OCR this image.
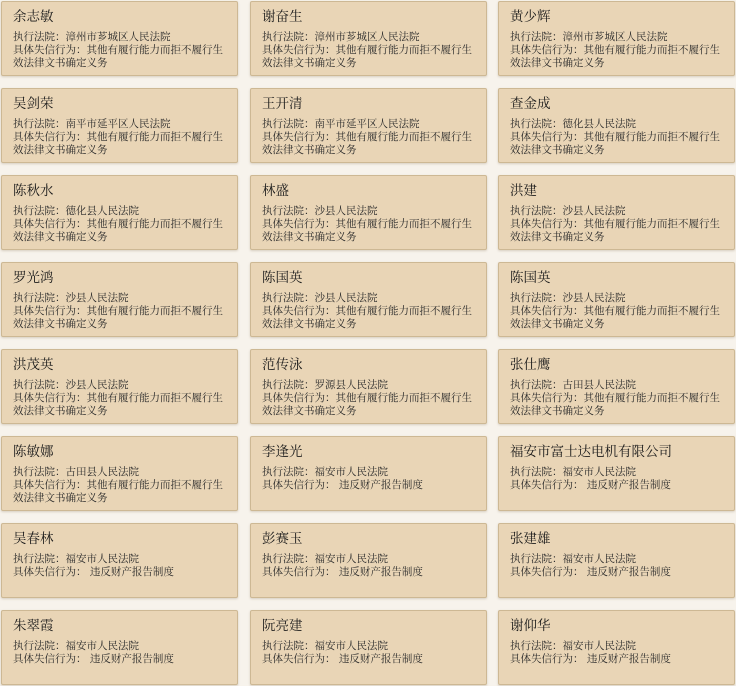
余志敏
执行法院：漳州市芗城区人民法院
具体失信行为：其他有履行能力而拒不履行生效法律文书确定义务
谢奋生
执行法院：漳州市芗城区人民法院
具体失信行为：其他有履行能力而拒不履行生效法律文书确定义务
黄少辉
执行法院：漳州市芗城区人民法院
具体失信行为：其他有履行能力而拒不履行生效法律文书确定义务
吴剑荣
执行法院：南平市延平区人民法院
具体失信行为：其他有履行能力而拒不履行生效法律文书确定义务
王开清
执行法院：南平市延平区人民法院
具体失信行为：其他有履行能力而拒不履行生效法律文书确定义务
查金成
执行法院：德化县人民法院
具体失信行为：其他有履行能力而拒不履行生效法律文书确定义务
陈秋水
执行法院：德化县人民法院
具体失信行为：其他有履行能力而拒不履行生效法律文书确定义务
林盛
执行法院：沙县人民法院
具体失信行为：其他有履行能力而拒不履行生效法律文书确定义务
洪建
执行法院：沙县人民法院
具体失信行为：其他有履行能力而拒不履行生效法律文书确定义务
罗光鸿
执行法院：沙县人民法院
具体失信行为：其他有履行能力而拒不履行生效法律文书确定义务
陈国英
执行法院：沙县人民法院
具体失信行为：其他有履行能力而拒不履行生效法律文书确定义务
陈国英
执行法院：沙县人民法院
具体失信行为：其他有履行能力而拒不履行生效法律文书确定义务
洪茂英
执行法院：沙县人民法院
具体失信行为：其他有履行能力而拒不履行生效法律文书确定义务
范传泳
执行法院：罗源县人民法院
具体失信行为：其他有履行能力而拒不履行生效法律文书确定义务
张仕鹰
执行法院：古田县人民法院
具体失信行为：其他有履行能力而拒不履行生效法律文书确定义务
陈敏娜
执行法院：古田县人民法院
具体失信行为：其他有履行能力而拒不履行生效法律文书确定义务
李逢光
执行法院：福安市人民法院
具体失信行为： 违反财产报告制度
福安市富士达电机有限公司
执行法院：福安市人民法院
具体失信行为： 违反财产报告制度
吴春林
执行法院：福安市人民法院
具体失信行为： 违反财产报告制度
彭赛玉
执行法院：福安市人民法院
具体失信行为： 违反财产报告制度
张建雄
执行法院：福安市人民法院
具体失信行为： 违反财产报告制度
朱翠霞
执行法院：福安市人民法院
具体失信行为： 违反财产报告制度
阮亮建
执行法院：福安市人民法院
具体失信行为： 违反财产报告制度
谢仰华
执行法院：福安市人民法院
具体失信行为： 违反财产报告制度
